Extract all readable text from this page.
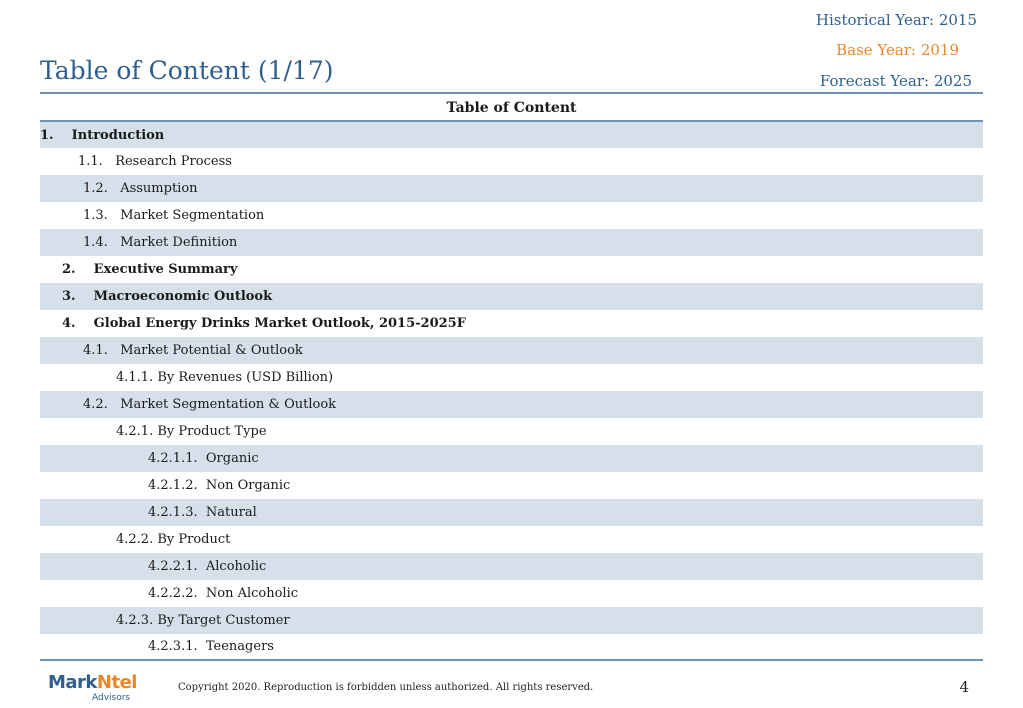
Historical Year: 2015
Base Year: 2019
Forecast Year: 2025
Table of Content (1/17)
Table of Content
1.    Introduction
1.1.   Research Process
1.2.   Assumption
1.3.   Market Segmentation
1.4.   Market Definition
2.    Executive Summary
3.    Macroeconomic Outlook
4.    Global Energy Drinks Market Outlook, 2015-2025F
4.1.   Market Potential & Outlook
4.1.1. By Revenues (USD Billion)
4.2.   Market Segmentation & Outlook
4.2.1. By Product Type
4.2.1.1.  Organic
4.2.1.2.  Non Organic
4.2.1.3.  Natural
4.2.2. By Product
4.2.2.1.  Alcoholic
4.2.2.2.  Non Alcoholic
4.2.3. By Target Customer
4.2.3.1.  Teenagers
MarkNtel
Advisors
Copyright 2020. Reproduction is forbidden unless authorized. All rights reserved.	4
